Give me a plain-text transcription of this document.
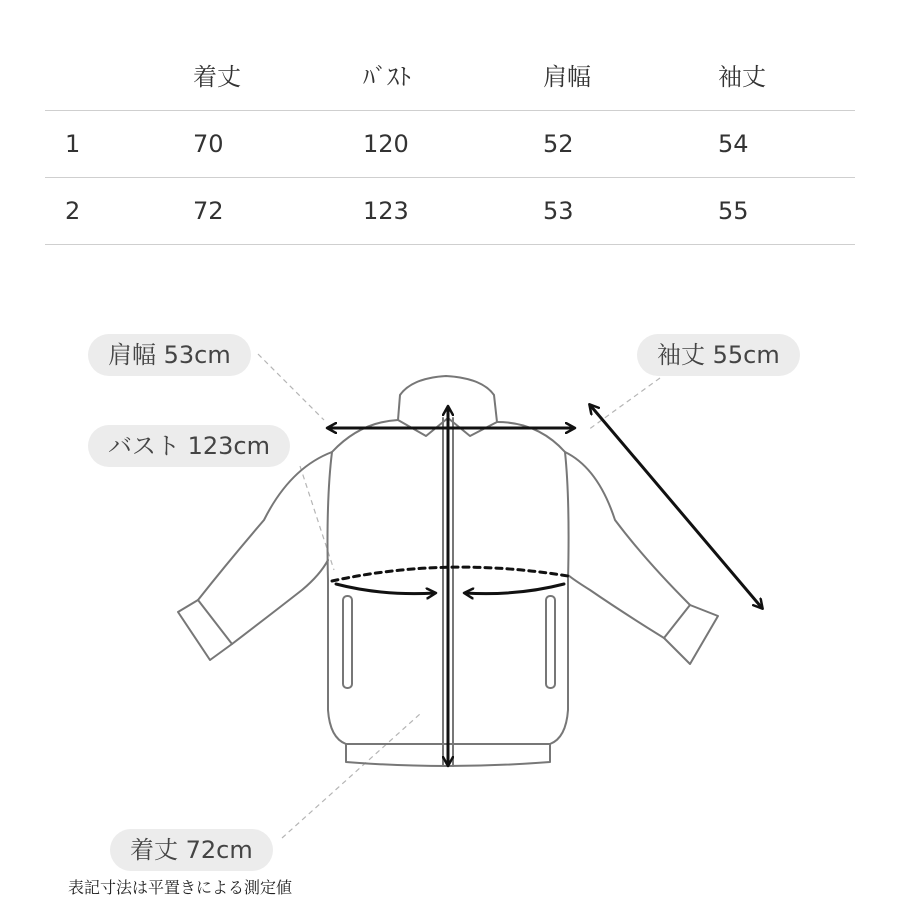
	着丈	ﾊﾞｽﾄ	肩幅	袖丈
1	70	120	52	54
2	72	123	53	55
肩幅 53cm
バスト 123cm
袖丈 55cm
着丈 72cm
表記寸法は平置きによる測定値
